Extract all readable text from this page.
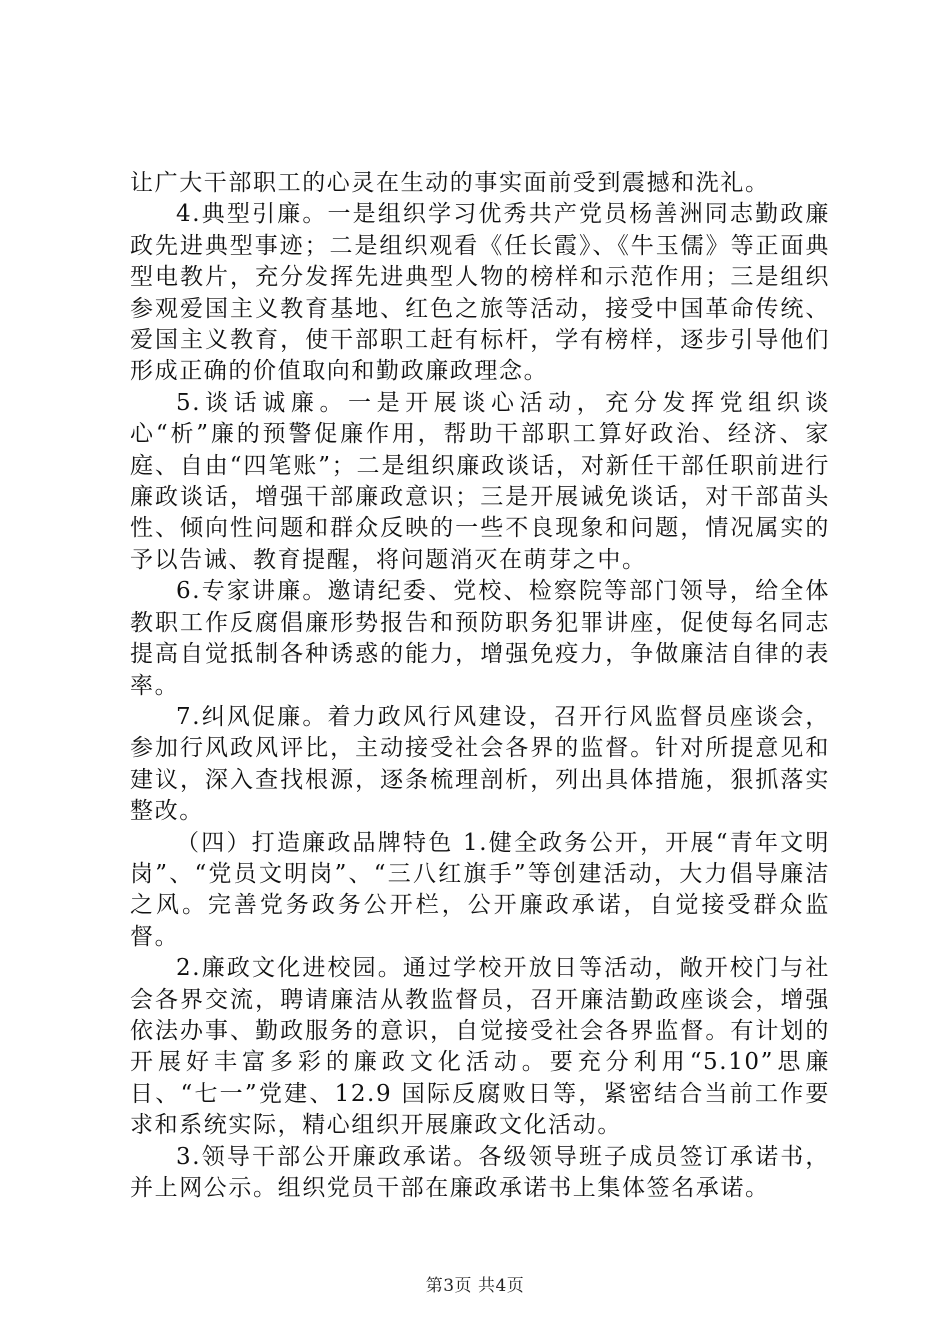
让广大干部职工的心灵在生动的事实面前受到震撼和洗礼。

4.典型引廉。一是组织学习优秀共产党员杨善洲同志勤政廉政先进典型事迹；二是组织观看《任长霞》、《牛玉儒》等正面典型电教片，充分发挥先进典型人物的榜样和示范作用；三是组织参观爱国主义教育基地、红色之旅等活动，接受中国革命传统、爱国主义教育，使干部职工赶有标杆，学有榜样，逐步引导他们形成正确的价值取向和勤政廉政理念。

5.谈话诚廉。一是开展谈心活动，充分发挥党组织谈心“析”廉的预警促廉作用，帮助干部职工算好政治、经济、家庭、自由“四笔账”；二是组织廉政谈话，对新任干部任职前进行廉政谈话，增强干部廉政意识；三是开展诫免谈话，对干部苗头性、倾向性问题和群众反映的一些不良现象和问题，情况属实的予以告诫、教育提醒，将问题消灭在萌芽之中。

6.专家讲廉。邀请纪委、党校、检察院等部门领导，给全体教职工作反腐倡廉形势报告和预防职务犯罪讲座，促使每名同志提高自觉抵制各种诱惑的能力，增强免疫力，争做廉洁自律的表率。

7.纠风促廉。着力政风行风建设，召开行风监督员座谈会，参加行风政风评比，主动接受社会各界的监督。针对所提意见和建议，深入查找根源，逐条梳理剖析，列出具体措施，狠抓落实整改。

（四）打造廉政品牌特色 1.健全政务公开，开展“青年文明岗”、“党员文明岗”、“三八红旗手”等创建活动，大力倡导廉洁之风。完善党务政务公开栏，公开廉政承诺，自觉接受群众监督。

2.廉政文化进校园。通过学校开放日等活动，敞开校门与社会各界交流，聘请廉洁从教监督员，召开廉洁勤政座谈会，增强依法办事、勤政服务的意识，自觉接受社会各界监督。有计划的开展好丰富多彩的廉政文化活动。要充分利用“5.10”思廉日、“七一”党建、12.9 国际反腐败日等，紧密结合当前工作要求和系统实际，精心组织开展廉政文化活动。

3.领导干部公开廉政承诺。各级领导班子成员签订承诺书，并上网公示。组织党员干部在廉政承诺书上集体签名承诺。

第3页 共4页
